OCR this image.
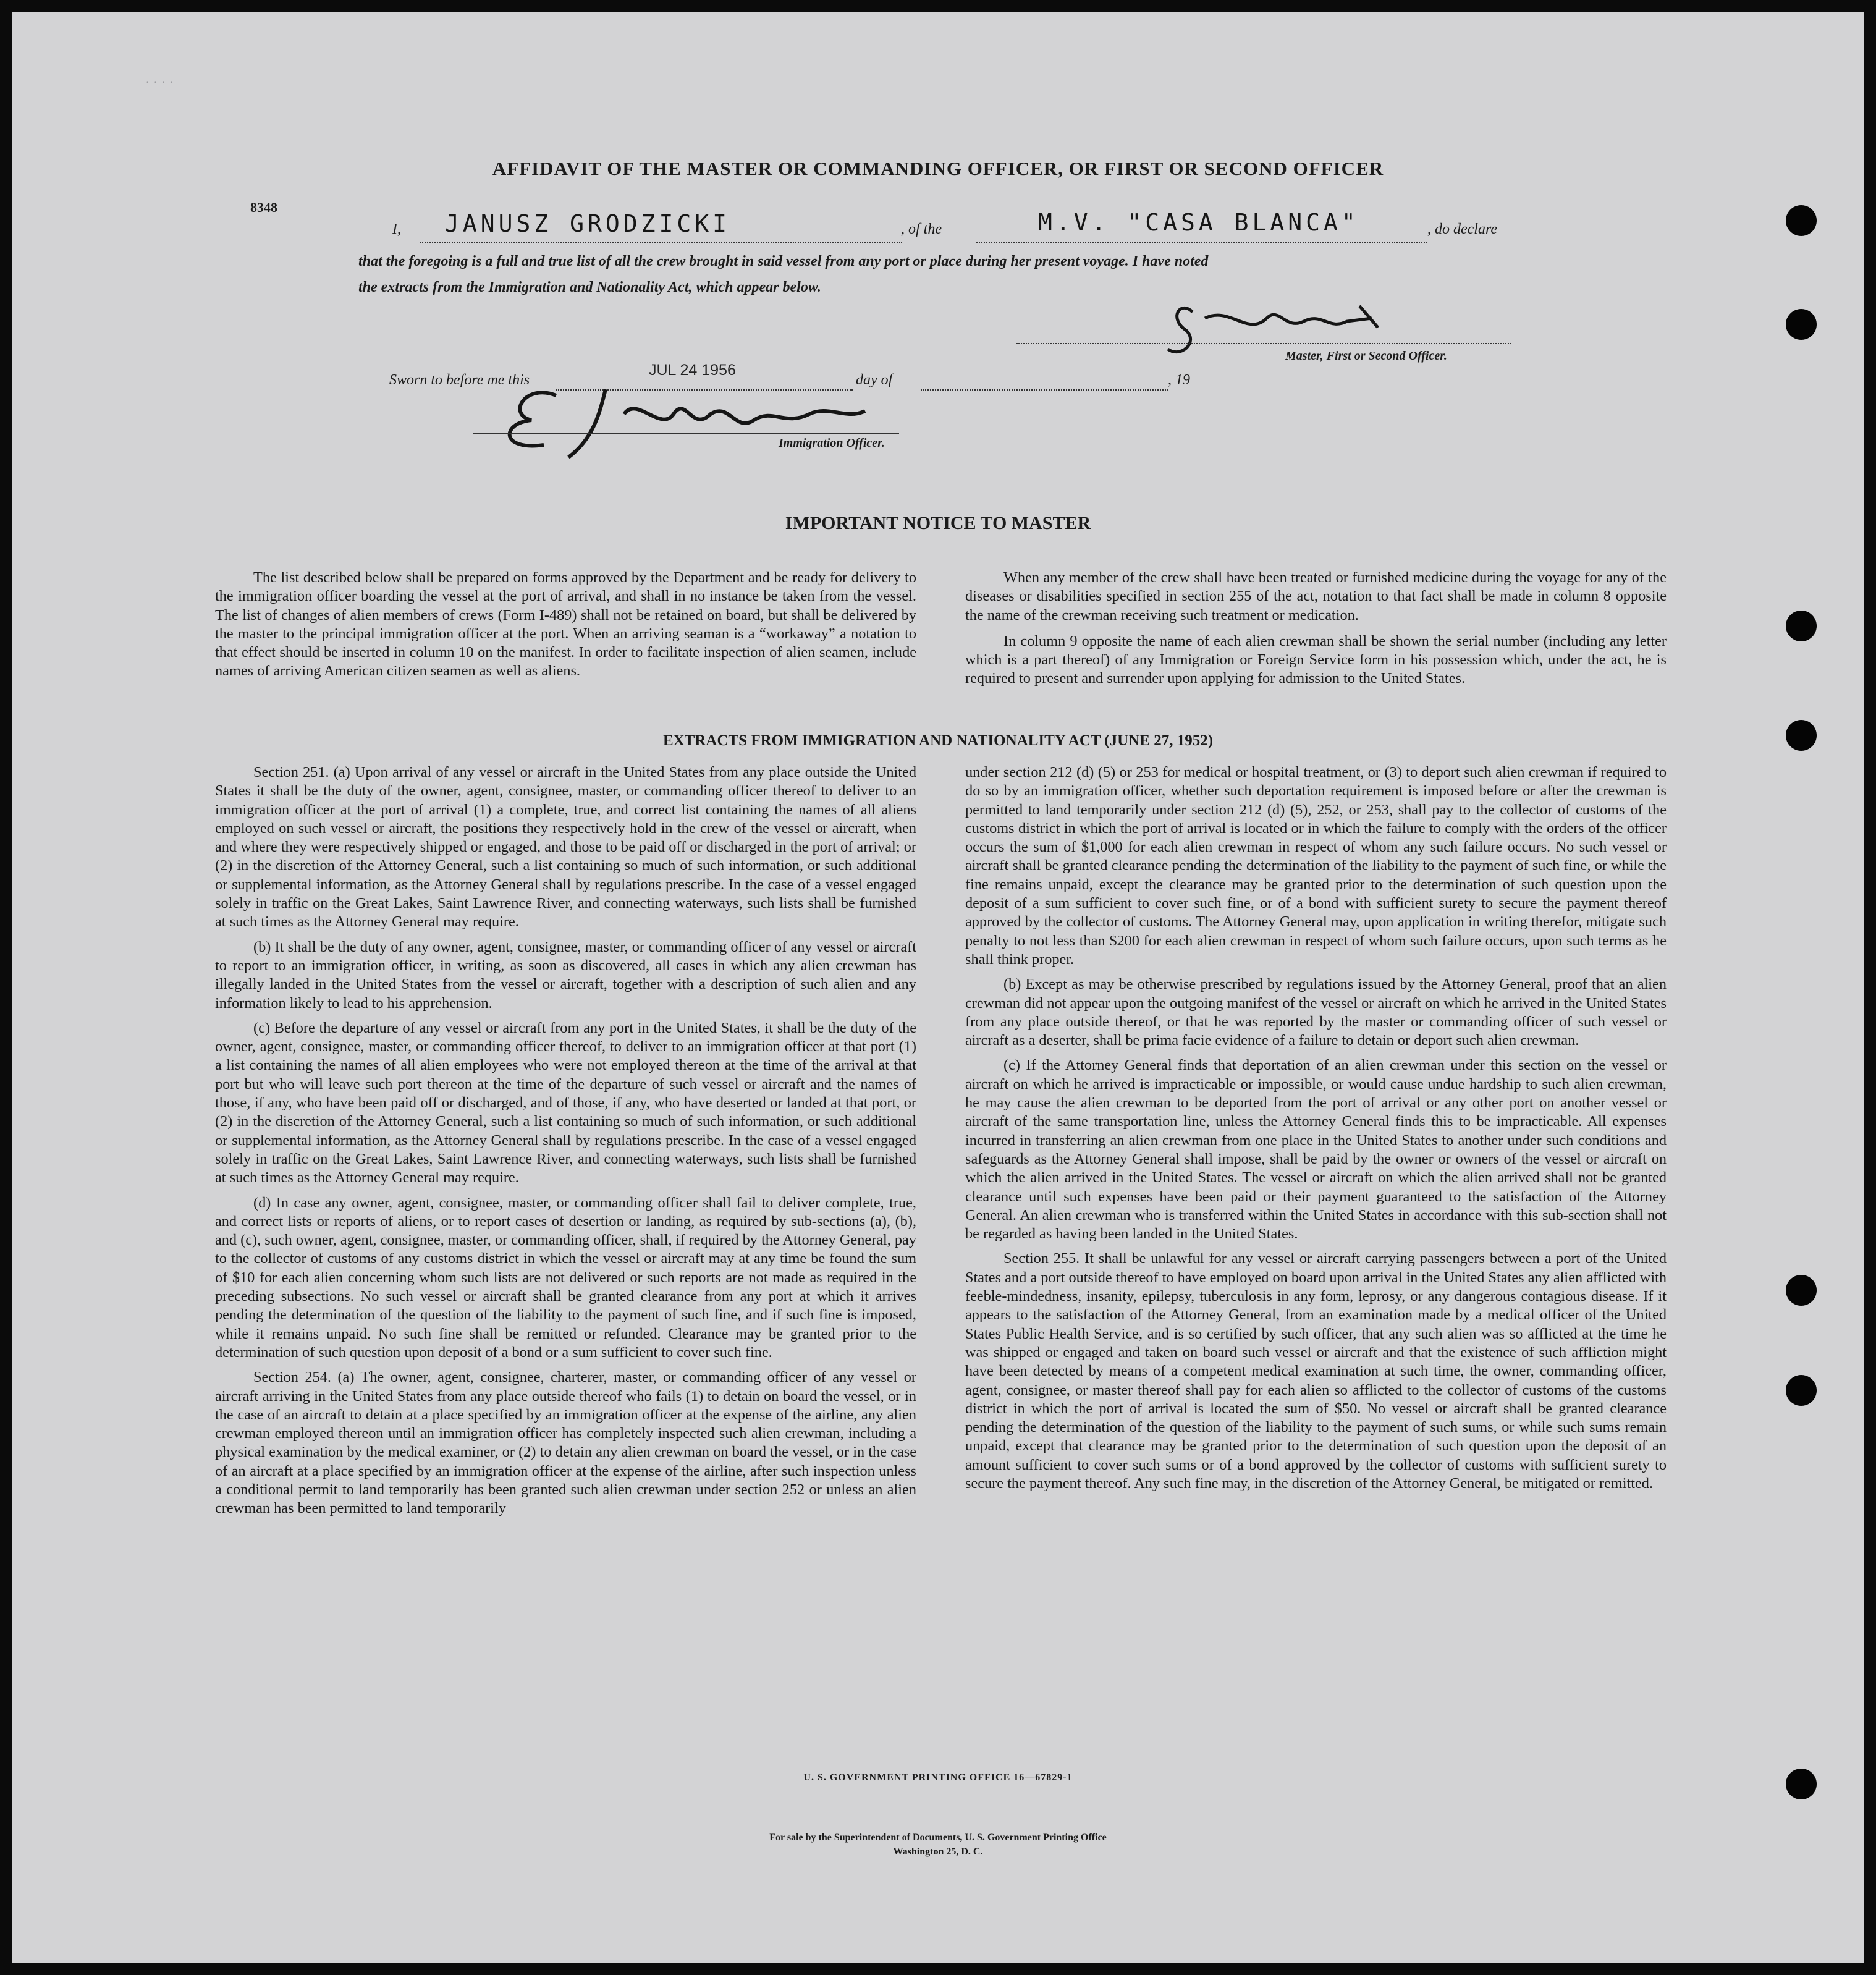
· · · ·
AFFIDAVIT OF THE MASTER OR COMMANDING OFFICER, OR FIRST OR SECOND OFFICER
8348
I, JANUSZ GRODZICKI	, of the	M.V. "CASA BLANCA"	, do declare
that the foregoing is a full and true list of all the crew brought in said vessel from any port or place during her present voyage. I have noted
the extracts from the Immigration and Nationality Act, which appear below.
Master, First or Second Officer.
Sworn to before me this
JUL 24 1956
day of	, 19
Immigration Officer.
IMPORTANT NOTICE TO MASTER

The list described below shall be prepared on forms approved by the Department and be ready for delivery to the immigration officer boarding the vessel at the port of arrival, and shall in no instance be taken from the vessel. The list of changes of alien members of crews (Form I-489) shall not be retained on board, but shall be delivered by the master to the principal immigration officer at the port. When an arriving seaman is a “workaway” a notation to that effect should be inserted in column 10 on the manifest. In order to facilitate inspection of alien seamen, include names of arriving American citizen seamen as well as aliens.

When any member of the crew shall have been treated or furnished medicine during the voyage for any of the diseases or disabilities specified in section 255 of the act, notation to that fact shall be made in column 8 opposite the name of the crewman receiving such treatment or medication.

In column 9 opposite the name of each alien crewman shall be shown the serial number (including any letter which is a part thereof) of any Immigration or Foreign Service form in his possession which, under the act, he is required to present and surrender upon applying for admission to the United States.

EXTRACTS FROM IMMIGRATION AND NATIONALITY ACT (JUNE 27, 1952)

Section 251. (a) Upon arrival of any vessel or aircraft in the United States from any place outside the United States it shall be the duty of the owner, agent, consignee, master, or commanding officer thereof to deliver to an immigration officer at the port of arrival (1) a complete, true, and correct list containing the names of all aliens employed on such vessel or aircraft, the positions they respectively hold in the crew of the vessel or aircraft, when and where they were respectively shipped or engaged, and those to be paid off or discharged in the port of arrival; or (2) in the discretion of the Attorney General, such a list containing so much of such information, or such additional or supplemental information, as the Attorney General shall by regulations prescribe. In the case of a vessel engaged solely in traffic on the Great Lakes, Saint Lawrence River, and connecting waterways, such lists shall be furnished at such times as the Attorney General may require.

(b) It shall be the duty of any owner, agent, consignee, master, or commanding officer of any vessel or aircraft to report to an immigration officer, in writing, as soon as discovered, all cases in which any alien crewman has illegally landed in the United States from the vessel or aircraft, together with a description of such alien and any information likely to lead to his apprehension.

(c) Before the departure of any vessel or aircraft from any port in the United States, it shall be the duty of the owner, agent, consignee, master, or commanding officer thereof, to deliver to an immigration officer at that port (1) a list containing the names of all alien employees who were not employed thereon at the time of the arrival at that port but who will leave such port thereon at the time of the departure of such vessel or aircraft and the names of those, if any, who have been paid off or discharged, and of those, if any, who have deserted or landed at that port, or (2) in the discretion of the Attorney General, such a list containing so much of such information, or such additional or supplemental information, as the Attorney General shall by regulations prescribe. In the case of a vessel engaged solely in traffic on the Great Lakes, Saint Lawrence River, and connecting waterways, such lists shall be furnished at such times as the Attorney General may require.

(d) In case any owner, agent, consignee, master, or commanding officer shall fail to deliver complete, true, and correct lists or reports of aliens, or to report cases of desertion or landing, as required by sub-sections (a), (b), and (c), such owner, agent, consignee, master, or commanding officer, shall, if required by the Attorney General, pay to the collector of customs of any customs district in which the vessel or aircraft may at any time be found the sum of $10 for each alien concerning whom such lists are not delivered or such reports are not made as required in the preceding subsections. No such vessel or aircraft shall be granted clearance from any port at which it arrives pending the determination of the question of the liability to the payment of such fine, and if such fine is imposed, while it remains unpaid. No such fine shall be remitted or refunded. Clearance may be granted prior to the determination of such question upon deposit of a bond or a sum sufficient to cover such fine.

Section 254. (a) The owner, agent, consignee, charterer, master, or commanding officer of any vessel or aircraft arriving in the United States from any place outside thereof who fails (1) to detain on board the vessel, or in the case of an aircraft to detain at a place specified by an immigration officer at the expense of the airline, any alien crewman employed thereon until an immigration officer has completely inspected such alien crewman, including a physical examination by the medical examiner, or (2) to detain any alien crewman on board the vessel, or in the case of an aircraft at a place specified by an immigration officer at the expense of the airline, after such inspection unless a conditional permit to land temporarily has been granted such alien crewman under section 252 or unless an alien crewman has been permitted to land temporarily

under section 212 (d) (5) or 253 for medical or hospital treatment, or (3) to deport such alien crewman if required to do so by an immigration officer, whether such deportation requirement is imposed before or after the crewman is permitted to land temporarily under section 212 (d) (5), 252, or 253, shall pay to the collector of customs of the customs district in which the port of arrival is located or in which the failure to comply with the orders of the officer occurs the sum of $1,000 for each alien crewman in respect of whom any such failure occurs. No such vessel or aircraft shall be granted clearance pending the determination of the liability to the payment of such fine, or while the fine remains unpaid, except the clearance may be granted prior to the determination of such question upon the deposit of a sum sufficient to cover such fine, or of a bond with sufficient surety to secure the payment thereof approved by the collector of customs. The Attorney General may, upon application in writing therefor, mitigate such penalty to not less than $200 for each alien crewman in respect of whom such failure occurs, upon such terms as he shall think proper.

(b) Except as may be otherwise prescribed by regulations issued by the Attorney General, proof that an alien crewman did not appear upon the outgoing manifest of the vessel or aircraft on which he arrived in the United States from any place outside thereof, or that he was reported by the master or commanding officer of such vessel or aircraft as a deserter, shall be prima facie evidence of a failure to detain or deport such alien crewman.

(c) If the Attorney General finds that deportation of an alien crewman under this section on the vessel or aircraft on which he arrived is impracticable or impossible, or would cause undue hardship to such alien crewman, he may cause the alien crewman to be deported from the port of arrival or any other port on another vessel or aircraft of the same transportation line, unless the Attorney General finds this to be impracticable. All expenses incurred in transferring an alien crewman from one place in the United States to another under such conditions and safeguards as the Attorney General shall impose, shall be paid by the owner or owners of the vessel or aircraft on which the alien arrived in the United States. The vessel or aircraft on which the alien arrived shall not be granted clearance until such expenses have been paid or their payment guaranteed to the satisfaction of the Attorney General. An alien crewman who is transferred within the United States in accordance with this sub-section shall not be regarded as having been landed in the United States.

Section 255. It shall be unlawful for any vessel or aircraft carrying passengers between a port of the United States and a port outside thereof to have employed on board upon arrival in the United States any alien afflicted with feeble-mindedness, insanity, epilepsy, tuberculosis in any form, leprosy, or any dangerous contagious disease. If it appears to the satisfaction of the Attorney General, from an examination made by a medical officer of the United States Public Health Service, and is so certified by such officer, that any such alien was so afflicted at the time he was shipped or engaged and taken on board such vessel or aircraft and that the existence of such affliction might have been detected by means of a competent medical examination at such time, the owner, commanding officer, agent, consignee, or master thereof shall pay for each alien so afflicted to the collector of customs of the customs district in which the port of arrival is located the sum of $50. No vessel or aircraft shall be granted clearance pending the determination of the question of the liability to the payment of such sums, or while such sums remain unpaid, except that clearance may be granted prior to the determination of such question upon the deposit of an amount sufficient to cover such sums or of a bond approved by the collector of customs with sufficient surety to secure the payment thereof. Any such fine may, in the discretion of the Attorney General, be mitigated or remitted.

U. S. GOVERNMENT PRINTING OFFICE 16—67829-1
For sale by the Superintendent of Documents, U. S. Government Printing Office
Washington 25, D. C.
